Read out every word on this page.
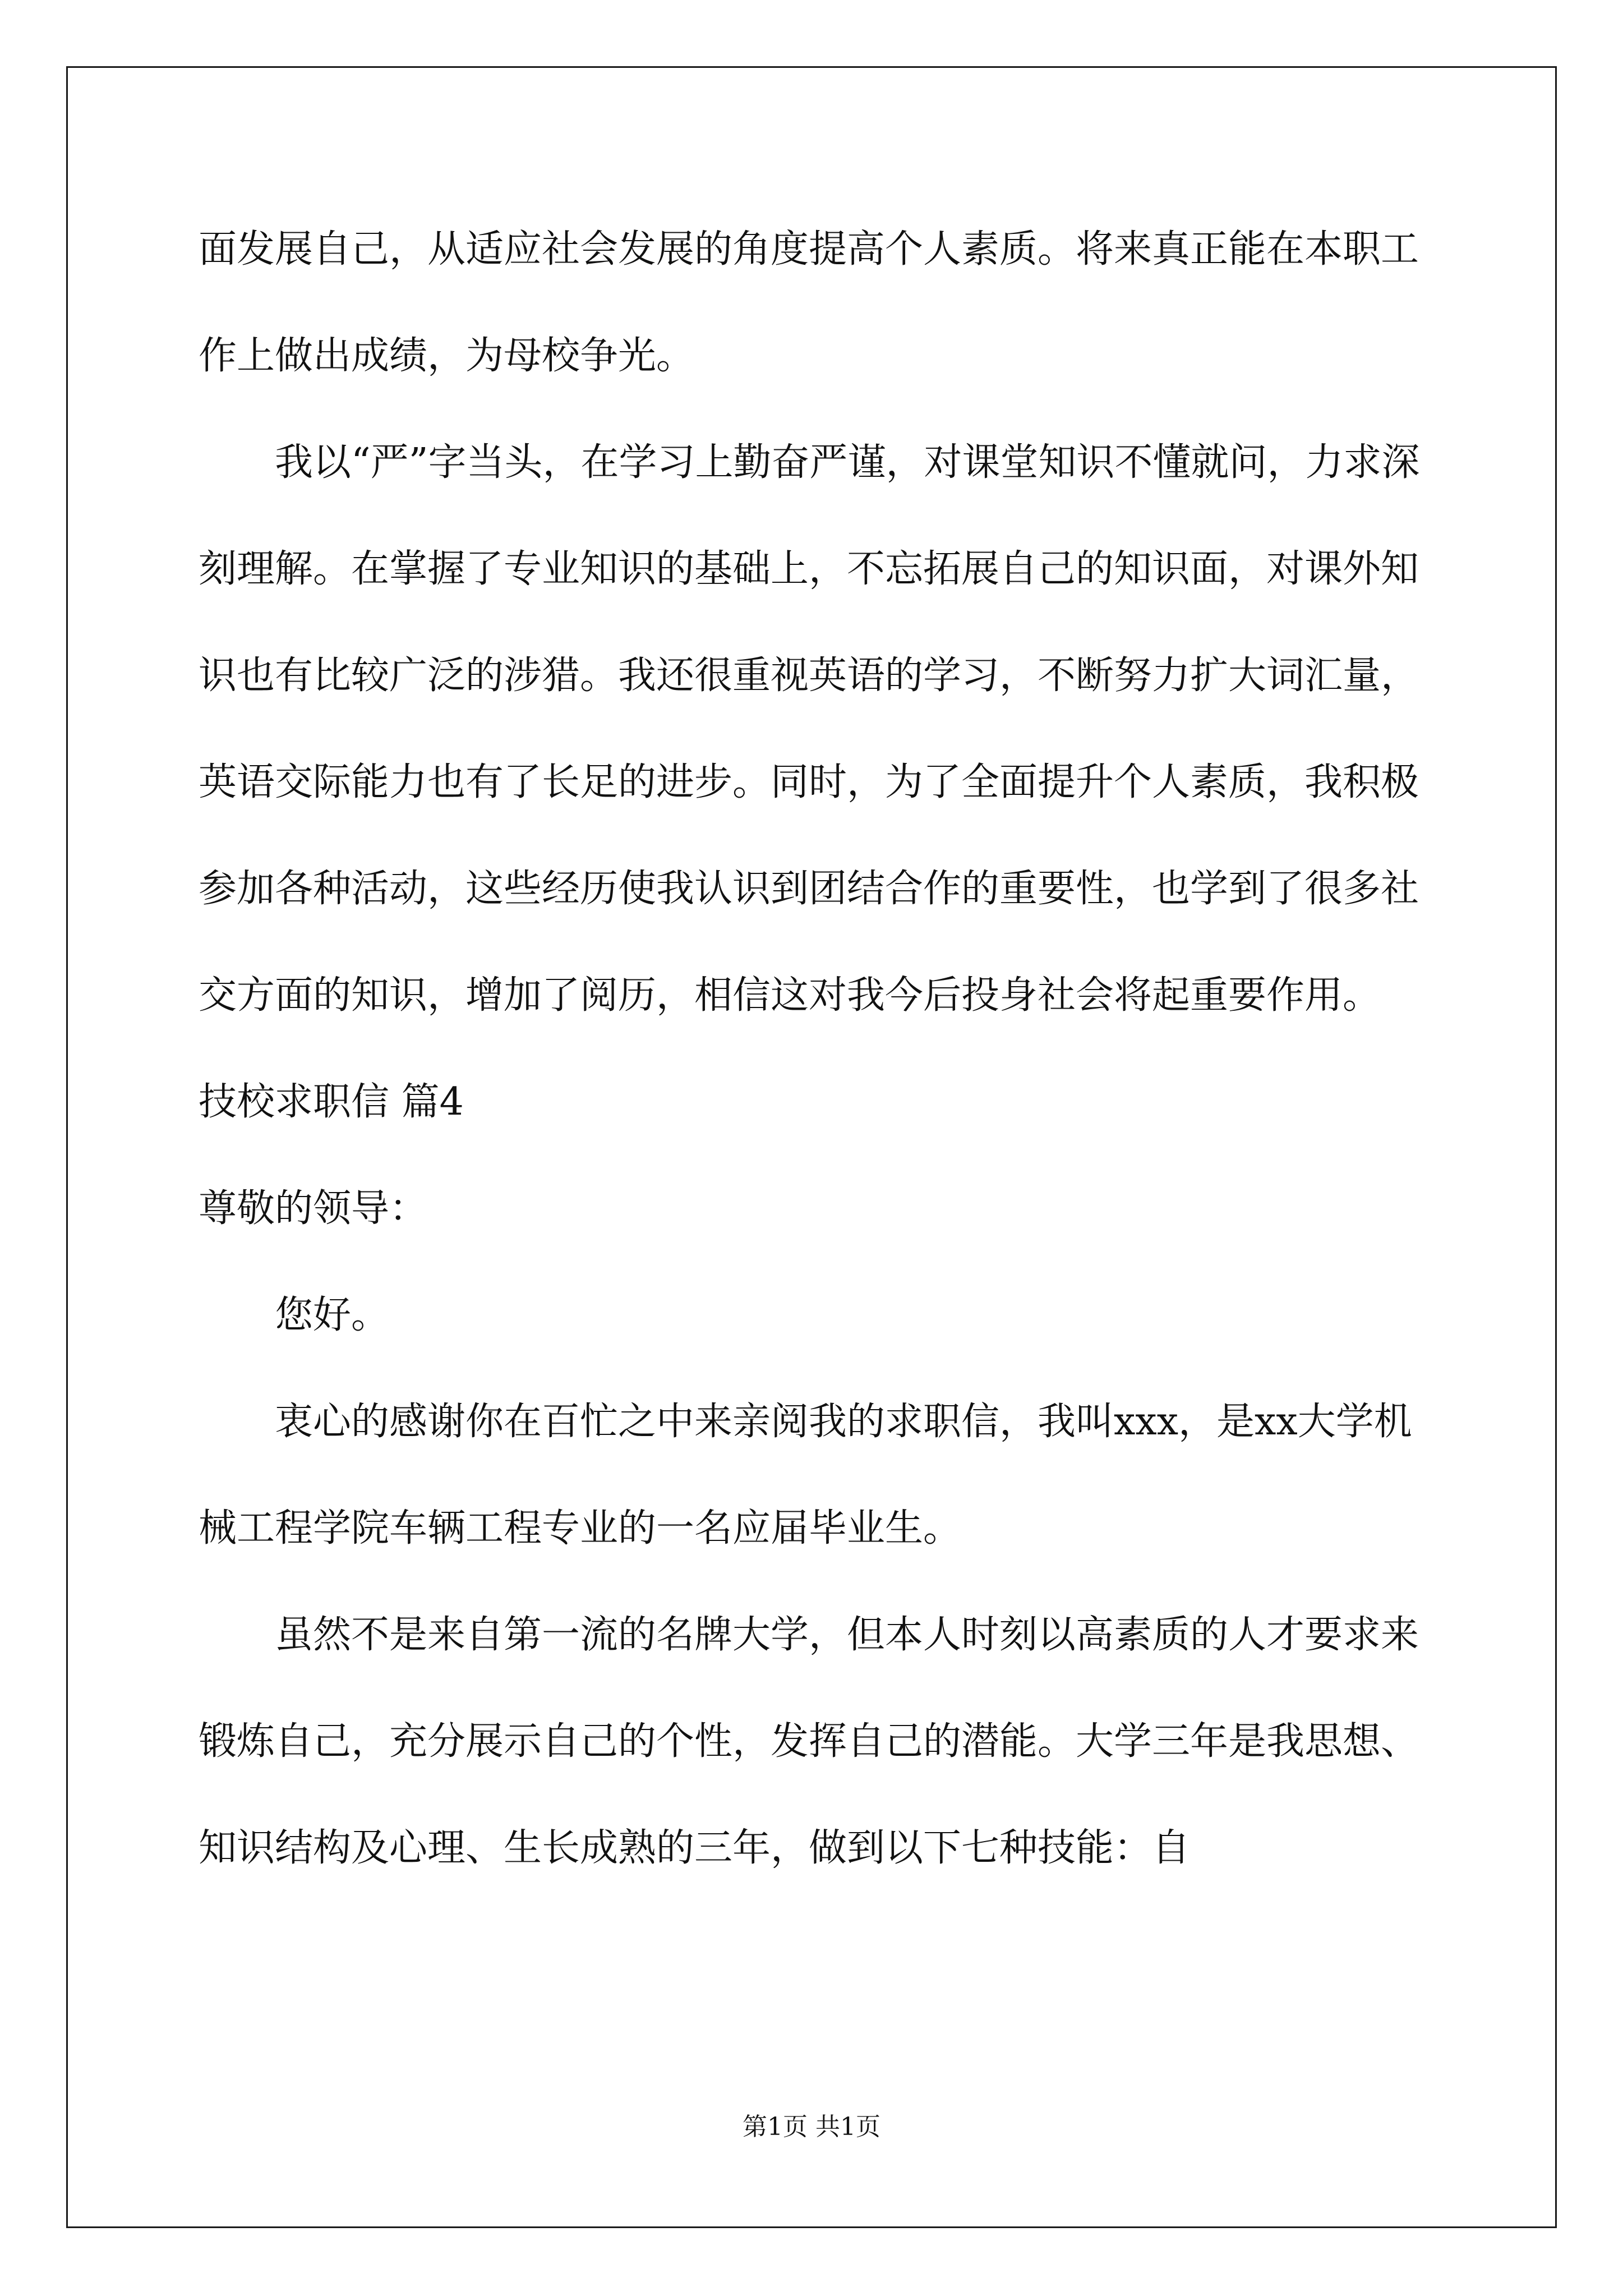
面发展自己，从适应社会发展的角度提高个人素质。将来真正能在本职工作上做出成绩，为母校争光。

我以“严”字当头，在学习上勤奋严谨，对课堂知识不懂就问，力求深刻理解。在掌握了专业知识的基础上，不忘拓展自己的知识面，对课外知识也有比较广泛的涉猎。我还很重视英语的学习，不断努力扩大词汇量，英语交际能力也有了长足的进步。同时，为了全面提升个人素质，我积极参加各种活动，这些经历使我认识到团结合作的重要性，也学到了很多社交方面的知识，增加了阅历，相信这对我今后投身社会将起重要作用。

技校求职信 篇4

尊敬的领导：

您好。

衷心的感谢你在百忙之中来亲阅我的求职信，我叫xxx，是xx大学机械工程学院车辆工程专业的一名应届毕业生。

虽然不是来自第一流的名牌大学，但本人时刻以高素质的人才要求来锻炼自己，充分展示自己的个性，发挥自己的潜能。大学三年是我思想、知识结构及心理、生长成熟的三年，做到以下七种技能：自

第1页 共1页
